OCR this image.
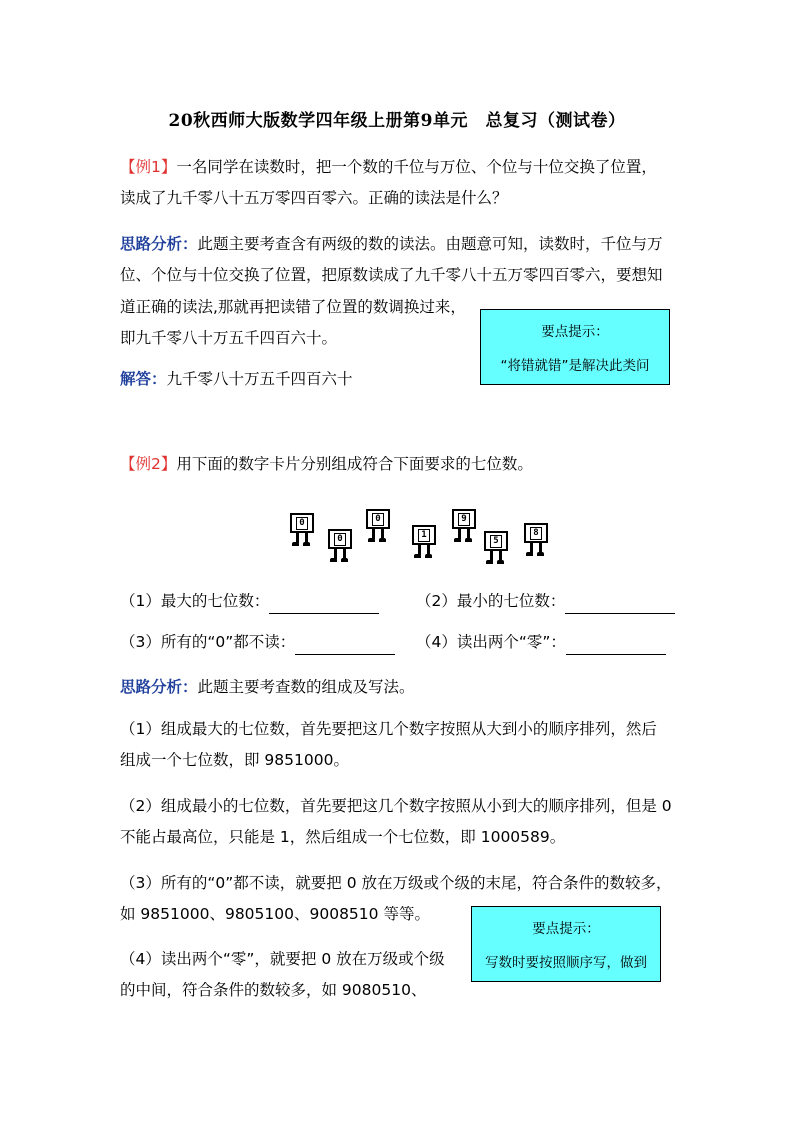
20秋西师大版数学四年级上册第9单元　总复习（测试卷）
【例1】一名同学在读数时，把一个数的千位与万位、个位与十位交换了位置，
读成了九千零八十五万零四百零六。正确的读法是什么？
思路分析：此题主要考查含有两级的数的读法。由题意可知，读数时，千位与万
位、个位与十位交换了位置，把原数读成了九千零八十五万零四百零六，要想知
道正确的读法,那就再把读错了位置的数调换过来，
即九千零八十万五千四百六十。
解答：九千零八十万五千四百六十
要点提示：
“将错就错”是解决此类问
【例2】用下面的数字卡片分别组成符合下面要求的七位数。
0
0
0
1
9
5
8
（1）最大的七位数：	（2）最小的七位数：
（3）所有的“0”都不读：	（4）读出两个“零”：
思路分析：此题主要考查数的组成及写法。
（1）组成最大的七位数，首先要把这几个数字按照从大到小的顺序排列，然后
组成一个七位数，即 9851000。
（2）组成最小的七位数，首先要把这几个数字按照从小到大的顺序排列，但是 0
不能占最高位，只能是 1，然后组成一个七位数，即 1000589。
（3）所有的“0”都不读，就要把 0 放在万级或个级的末尾，符合条件的数较多，
如 9851000、9805100、9008510 等等。
（4）读出两个“零”，就要把 0 放在万级或个级
的中间，符合条件的数较多，如 9080510、
要点提示：
写数时要按照顺序写，做到
